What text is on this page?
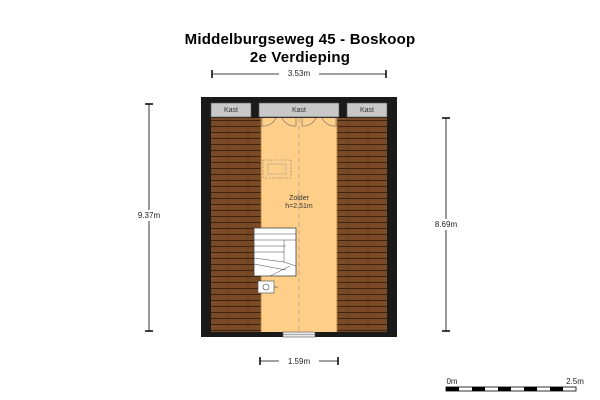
Middelburgseweg 45 - Boskoop
2e Verdieping
3.53m
9.37m
8.69m
Kast	Kast	Kast
Zolder
h=2.51m
1.59m
0m	2.5m
